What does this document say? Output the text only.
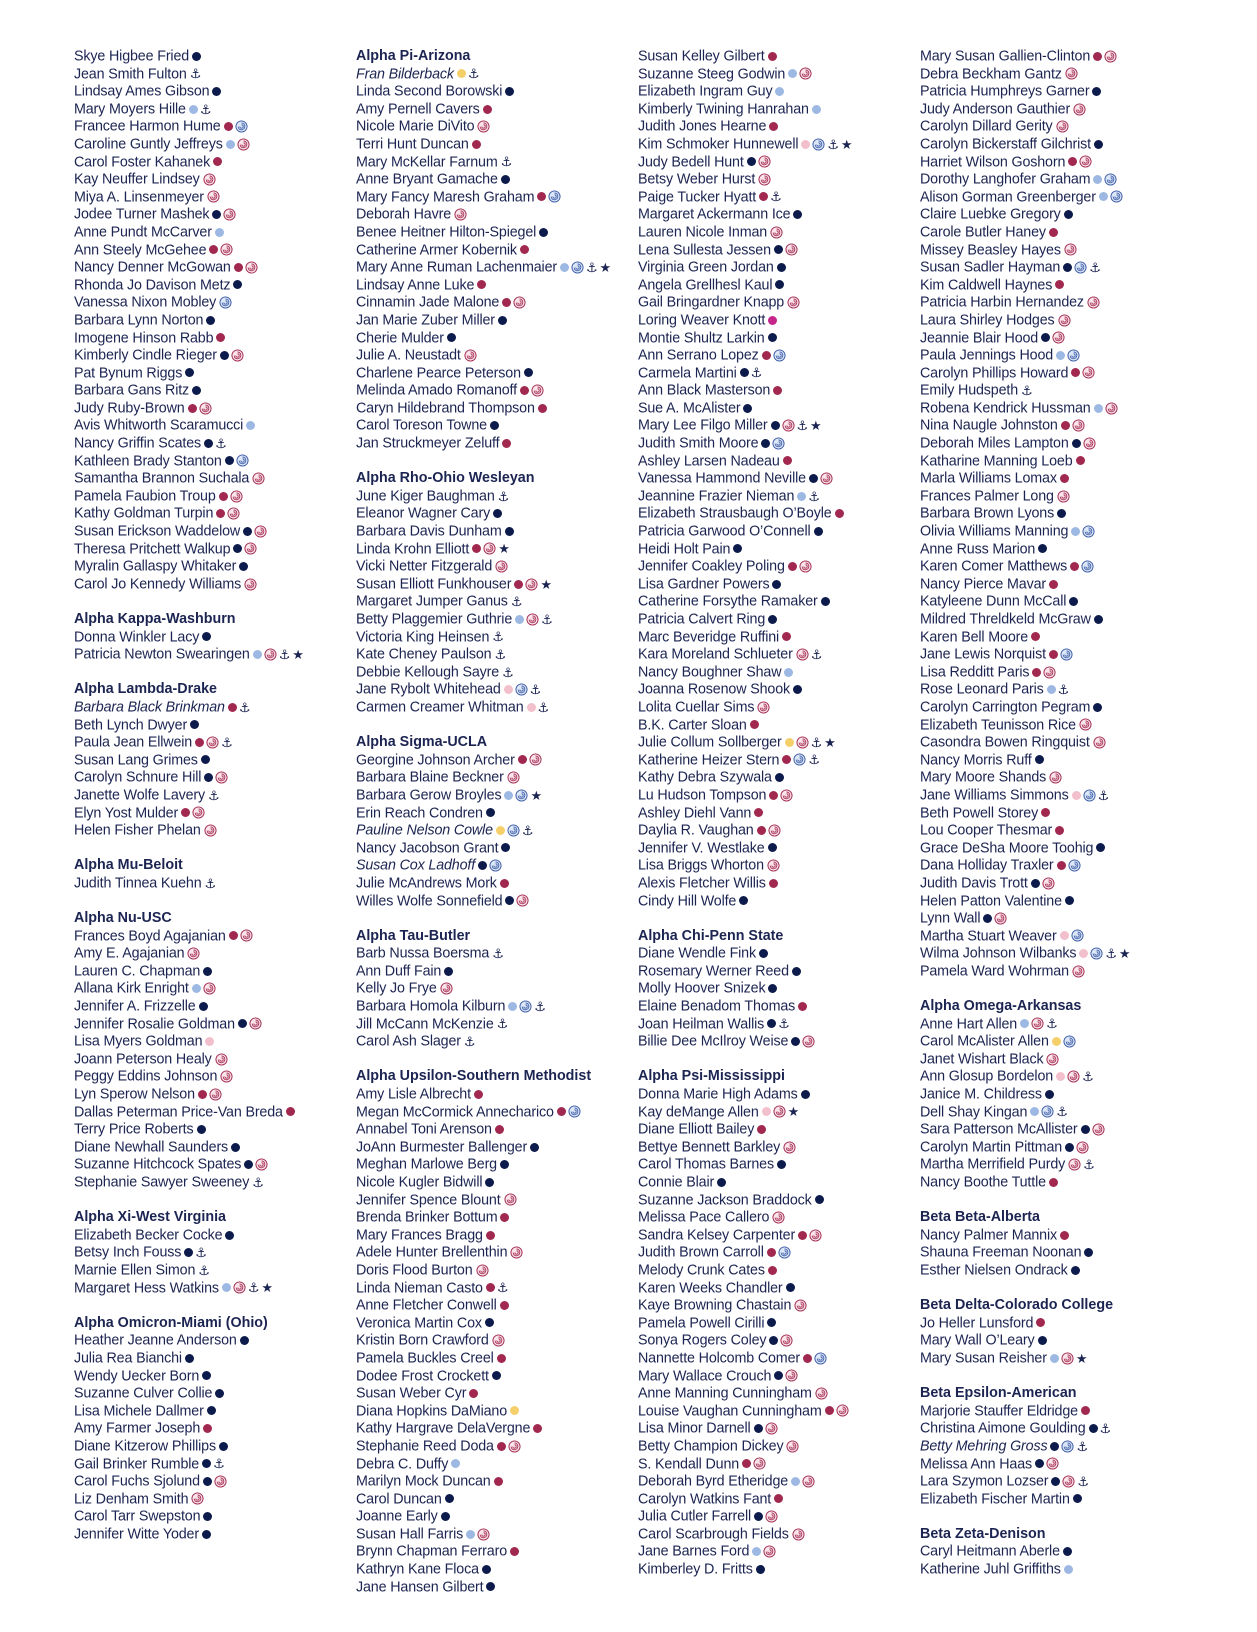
Skye Higbee Fried
Jean Smith Fulton ⚓
Lindsay Ames Gibson
Mary Moyers Hille ⚓
Francee Harmon Hume
Caroline Guntly Jeffreys
Carol Foster Kahanek
Kay Neuffer Lindsey
Miya A. Linsenmeyer
Jodee Turner Mashek
Anne Pundt McCarver
Ann Steely McGehee
Nancy Denner McGowan
Rhonda Jo Davison Metz
Vanessa Nixon Mobley
Barbara Lynn Norton
Imogene Hinson Rabb
Kimberly Cindle Rieger
Pat Bynum Riggs
Barbara Gans Ritz
Judy Ruby-Brown
Avis Whitworth Scaramucci
Nancy Griffin Scates ⚓
Kathleen Brady Stanton
Samantha Brannon Suchala
Pamela Faubion Troup
Kathy Goldman Turpin
Susan Erickson Waddelow
Theresa Pritchett Walkup
Myralin Gallaspy Whitaker
Carol Jo Kennedy Williams
Alpha Kappa-Washburn
Donna Winkler Lacy
Patricia Newton Swearingen ⚓ ★
Alpha Lambda-Drake
Barbara Black Brinkman ⚓
Beth Lynch Dwyer
Paula Jean Ellwein ⚓
Susan Lang Grimes
Carolyn Schnure Hill
Janette Wolfe Lavery ⚓
Elyn Yost Mulder
Helen Fisher Phelan
Alpha Mu-Beloit
Judith Tinnea Kuehn ⚓
Alpha Nu-USC
Frances Boyd Agajanian
Amy E. Agajanian
Lauren C. Chapman
Allana Kirk Enright
Jennifer A. Frizzelle
Jennifer Rosalie Goldman
Lisa Myers Goldman
Joann Peterson Healy
Peggy Eddins Johnson
Lyn Sperow Nelson
Dallas Peterman Price-Van Breda
Terry Price Roberts
Diane Newhall Saunders
Suzanne Hitchcock Spates
Stephanie Sawyer Sweeney ⚓
Alpha Xi-West Virginia
Elizabeth Becker Cocke
Betsy Inch Fouss ⚓
Marnie Ellen Simon ⚓
Margaret Hess Watkins ⚓ ★
Alpha Omicron-Miami (Ohio)
Heather Jeanne Anderson
Julia Rea Bianchi
Wendy Uecker Born
Suzanne Culver Collie
Lisa Michele Dallmer
Amy Farmer Joseph
Diane Kitzerow Phillips
Gail Brinker Rumble ⚓
Carol Fuchs Sjolund
Liz Denham Smith
Carol Tarr Swepston
Jennifer Witte Yoder
Alpha Pi-Arizona
Fran Bilderback ⚓
Linda Second Borowski
Amy Pernell Cavers
Nicole Marie DiVito
Terri Hunt Duncan
Mary McKellar Farnum ⚓
Anne Bryant Gamache
Mary Fancy Maresh Graham
Deborah Havre
Benee Heitner Hilton-Spiegel
Catherine Armer Kobernik
Mary Anne Ruman Lachenmaier ⚓ ★
Lindsay Anne Luke
Cinnamin Jade Malone
Jan Marie Zuber Miller
Cherie Mulder
Julie A. Neustadt
Charlene Pearce Peterson
Melinda Amado Romanoff
Caryn Hildebrand Thompson
Carol Toreson Towne
Jan Struckmeyer Zeluff
Alpha Rho-Ohio Wesleyan
June Kiger Baughman ⚓
Eleanor Wagner Cary
Barbara Davis Dunham
Linda Krohn Elliott ★
Vicki Netter Fitzgerald
Susan Elliott Funkhouser ★
Margaret Jumper Ganus ⚓
Betty Plaggemier Guthrie ⚓
Victoria King Heinsen ⚓
Kate Cheney Paulson ⚓
Debbie Kellough Sayre ⚓
Jane Rybolt Whitehead ⚓
Carmen Creamer Whitman ⚓
Alpha Sigma-UCLA
Georgine Johnson Archer
Barbara Blaine Beckner
Barbara Gerow Broyles ★
Erin Reach Condren
Pauline Nelson Cowle ⚓
Nancy Jacobson Grant
Susan Cox Ladhoff
Julie McAndrews Mork
Willes Wolfe Sonnefield
Alpha Tau-Butler
Barb Nussa Boersma ⚓
Ann Duff Fain
Kelly Jo Frye
Barbara Homola Kilburn ⚓
Jill McCann McKenzie ⚓
Carol Ash Slager ⚓
Alpha Upsilon-Southern Methodist
Amy Lisle Albrecht
Megan McCormick Annecharico
Annabel Toni Arenson
JoAnn Burmester Ballenger
Meghan Marlowe Berg
Nicole Kugler Bidwill
Jennifer Spence Blount
Brenda Brinker Bottum
Mary Frances Bragg
Adele Hunter Brellenthin
Doris Flood Burton
Linda Nieman Casto ⚓
Anne Fletcher Conwell
Veronica Martin Cox
Kristin Born Crawford
Pamela Buckles Creel
Dodee Frost Crockett
Susan Weber Cyr
Diana Hopkins DaMiano
Kathy Hargrave DelaVergne
Stephanie Reed Doda
Debra C. Duffy
Marilyn Mock Duncan
Carol Duncan
Joanne Early
Susan Hall Farris
Brynn Chapman Ferraro
Kathryn Kane Floca
Jane Hansen Gilbert
Susan Kelley Gilbert
Suzanne Steeg Godwin
Elizabeth Ingram Guy
Kimberly Twining Hanrahan
Judith Jones Hearne
Kim Schmoker Hunnewell ⚓ ★
Judy Bedell Hunt
Betsy Weber Hurst
Paige Tucker Hyatt ⚓
Margaret Ackermann Ice
Lauren Nicole Inman
Lena Sullesta Jessen
Virginia Green Jordan
Angela Grellhesl Kaul
Gail Bringardner Knapp
Loring Weaver Knott
Montie Shultz Larkin
Ann Serrano Lopez
Carmela Martini ⚓
Ann Black Masterson
Sue A. McAlister
Mary Lee Filgo Miller ⚓ ★
Judith Smith Moore
Ashley Larsen Nadeau
Vanessa Hammond Neville
Jeannine Frazier Nieman ⚓
Elizabeth Strausbaugh O’Boyle
Patricia Garwood O’Connell
Heidi Holt Pain
Jennifer Coakley Poling
Lisa Gardner Powers
Catherine Forsythe Ramaker
Patricia Calvert Ring
Marc Beveridge Ruffini
Kara Moreland Schlueter ⚓
Nancy Boughner Shaw
Joanna Rosenow Shook
Lolita Cuellar Sims
B.K. Carter Sloan
Julie Collum Sollberger ⚓ ★
Katherine Heizer Stern ⚓
Kathy Debra Szywala
Lu Hudson Tompson
Ashley Diehl Vann
Daylia R. Vaughan
Jennifer V. Westlake
Lisa Briggs Whorton
Alexis Fletcher Willis
Cindy Hill Wolfe
Alpha Chi-Penn State
Diane Wendle Fink
Rosemary Werner Reed
Molly Hoover Snizek
Elaine Benadom Thomas
Joan Heilman Wallis ⚓
Billie Dee McIlroy Weise
Alpha Psi-Mississippi
Donna Marie High Adams
Kay deMange Allen ★
Diane Elliott Bailey
Bettye Bennett Barkley
Carol Thomas Barnes
Connie Blair
Suzanne Jackson Braddock
Melissa Pace Callero
Sandra Kelsey Carpenter
Judith Brown Carroll
Melody Crunk Cates
Karen Weeks Chandler
Kaye Browning Chastain
Pamela Powell Cirilli
Sonya Rogers Coley
Nannette Holcomb Comer
Mary Wallace Crouch
Anne Manning Cunningham
Louise Vaughan Cunningham
Lisa Minor Darnell
Betty Champion Dickey
S. Kendall Dunn
Deborah Byrd Etheridge
Carolyn Watkins Fant
Julia Cutler Farrell
Carol Scarbrough Fields
Jane Barnes Ford
Kimberley D. Fritts
Mary Susan Gallien-Clinton
Debra Beckham Gantz
Patricia Humphreys Garner
Judy Anderson Gauthier
Carolyn Dillard Gerity
Carolyn Bickerstaff Gilchrist
Harriet Wilson Goshorn
Dorothy Langhofer Graham
Alison Gorman Greenberger
Claire Luebke Gregory
Carole Butler Haney
Missey Beasley Hayes
Susan Sadler Hayman ⚓
Kim Caldwell Haynes
Patricia Harbin Hernandez
Laura Shirley Hodges
Jeannie Blair Hood
Paula Jennings Hood
Carolyn Phillips Howard
Emily Hudspeth ⚓
Robena Kendrick Hussman
Nina Naugle Johnston
Deborah Miles Lampton
Katharine Manning Loeb
Marla Williams Lomax
Frances Palmer Long
Barbara Brown Lyons
Olivia Williams Manning
Anne Russ Marion
Karen Comer Matthews
Nancy Pierce Mavar
Katyleene Dunn McCall
Mildred Threldkeld McGraw
Karen Bell Moore
Jane Lewis Norquist
Lisa Redditt Paris
Rose Leonard Paris ⚓
Carolyn Carrington Pegram
Elizabeth Teunisson Rice
Casondra Bowen Ringquist
Nancy Morris Ruff
Mary Moore Shands
Jane Williams Simmons ⚓
Beth Powell Storey
Lou Cooper Thesmar
Grace DeSha Moore Toohig
Dana Holliday Traxler
Judith Davis Trott
Helen Patton Valentine
Lynn Wall
Martha Stuart Weaver
Wilma Johnson Wilbanks ⚓ ★
Pamela Ward Wohrman
Alpha Omega-Arkansas
Anne Hart Allen ⚓
Carol McAlister Allen
Janet Wishart Black
Ann Glosup Bordelon ⚓
Janice M. Childress
Dell Shay Kingan ⚓
Sara Patterson McAllister
Carolyn Martin Pittman
Martha Merrifield Purdy ⚓
Nancy Boothe Tuttle
Beta Beta-Alberta
Nancy Palmer Mannix
Shauna Freeman Noonan
Esther Nielsen Ondrack
Beta Delta-Colorado College
Jo Heller Lunsford
Mary Wall O’Leary
Mary Susan Reisher ★
Beta Epsilon-American
Marjorie Stauffer Eldridge
Christina Aimone Goulding ⚓
Betty Mehring Gross ⚓
Melissa Ann Haas
Lara Szymon Lozser ⚓
Elizabeth Fischer Martin
Beta Zeta-Denison
Caryl Heitmann Aberle
Katherine Juhl Griffiths
